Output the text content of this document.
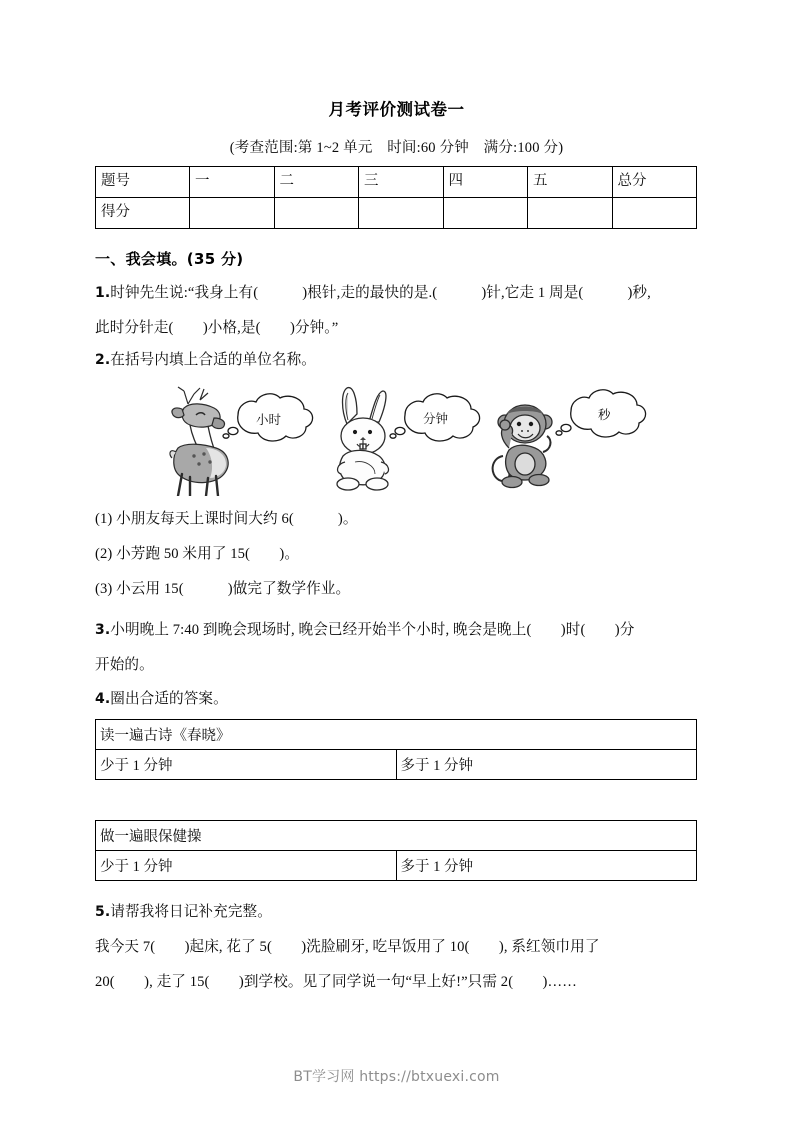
月考评价测试卷一
(考查范围:第 1~2 单元　时间:60 分钟　满分:100 分)
题号	一	二	三	四	五	总分
得分						
一、我会填。(35 分)
1.时钟先生说:“我身上有(　　　)根针,走的最快的是.(　　　)针,它走 1 周是(　　　)秒,
此时分针走(　　)小格,是(　　)分钟。”
2.在括号内填上合适的单位名称。
小时	分钟	秒
(1) 小朋友每天上课时间大约 6(　　　)。
(2) 小芳跑 50 米用了 15(　　)。
(3) 小云用 15(　　　)做完了数学作业。
3.小明晚上 7:40 到晚会现场时, 晚会已经开始半个小时, 晚会是晚上(　　)时(　　)分
开始的。
4.圈出合适的答案。
读一遍古诗《春晓》
少于 1 分钟	多于 1 分钟
做一遍眼保健操
少于 1 分钟	多于 1 分钟
5.请帮我将日记补充完整。
我今天 7(　　)起床, 花了 5(　　)洗脸刷牙, 吃早饭用了 10(　　), 系红领巾用了
20(　　), 走了 15(　　)到学校。见了同学说一句“早上好!”只需 2(　　)……
BT学习网 https://btxuexi.com
